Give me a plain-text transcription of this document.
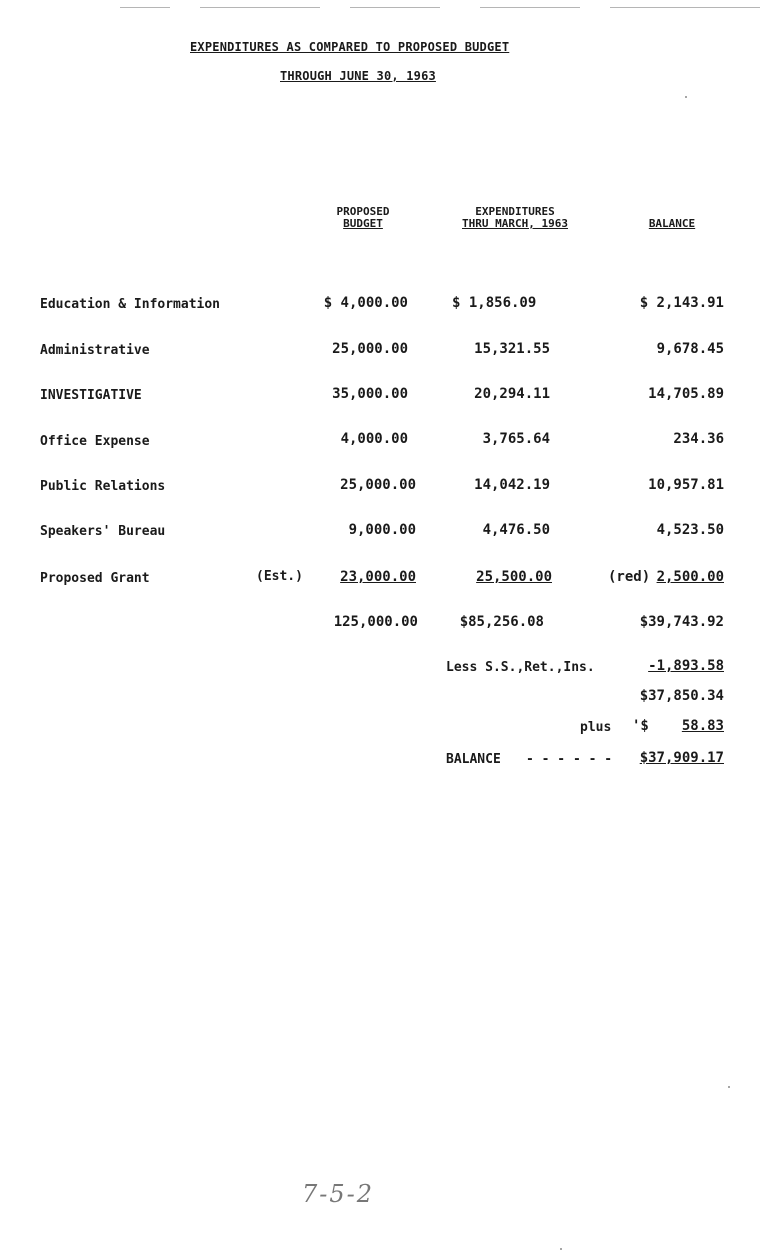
EXPENDITURES AS COMPARED TO PROPOSED BUDGET
THROUGH JUNE 30, 1963
PROPOSED
BUDGET
EXPENDITURES
THRU MARCH, 1963	BALANCE
Education & Information	$ 4,000.00	$ 1,856.09	$ 2,143.91
Administrative	25,000.00	15,321.55	9,678.45
INVESTIGATIVE	35,000.00	20,294.11	14,705.89
Office Expense	4,000.00	3,765.64	234.36
Public Relations	25,000.00	14,042.19	10,957.81
Speakers' Bureau	9,000.00	4,476.50	4,523.50
Proposed Grant	(Est.)	23,000.00	25,500.00	(red) 2,500.00
125,000.00	$85,256.08	$39,743.92
Less S.S.,Ret.,Ins.	-1,893.58
$37,850.34
plus '$	58.83
BALANCE - - - - - -	$37,909.17
7-5-2
